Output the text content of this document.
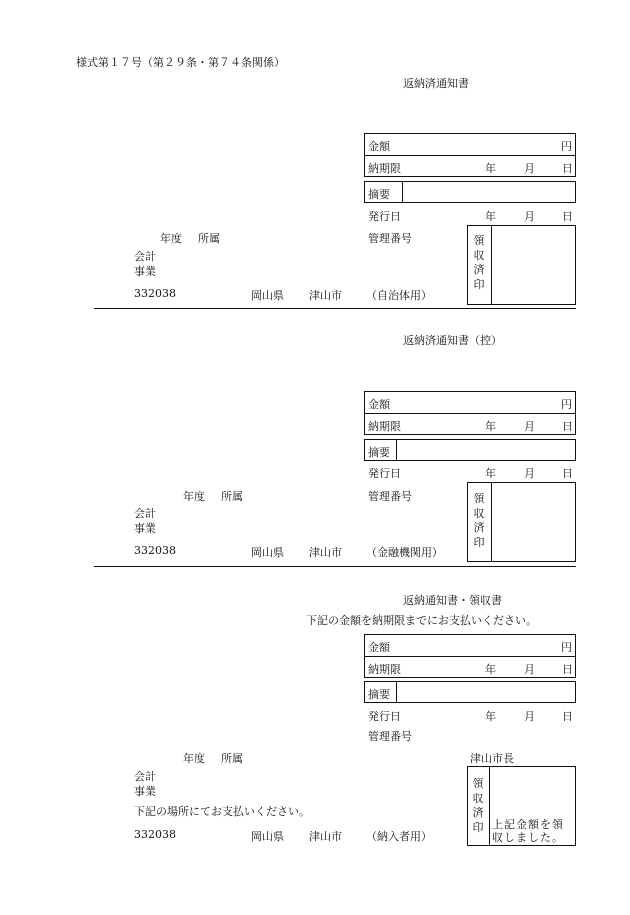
様式第１７号（第２９条・第７４条関係）
返納済通知書
金額	円
納期限	年	月 日
摘要
発行日	年	月 日
年度 所属	管理番号
会計
事業
領収済印
332038	岡山県 津山市 （自治体用）
返納済通知書（控）
金額	円
納期限	年	月 日
摘要
発行日	年	月 日
年度 所属	管理番号
会計
事業
領収済印
332038	岡山県 津山市 （金融機関用）
返納通知書・領収書
下記の金額を納期限までにお支払いください。
金額	円
納期限	年	月 日
摘要
発行日	年	月 日
管理番号
年度 所属	津山市長
会計
事業
下記の場所にてお支払いください。
領収済印 上記金額を領収しました。
332038	岡山県 津山市 （納入者用）
